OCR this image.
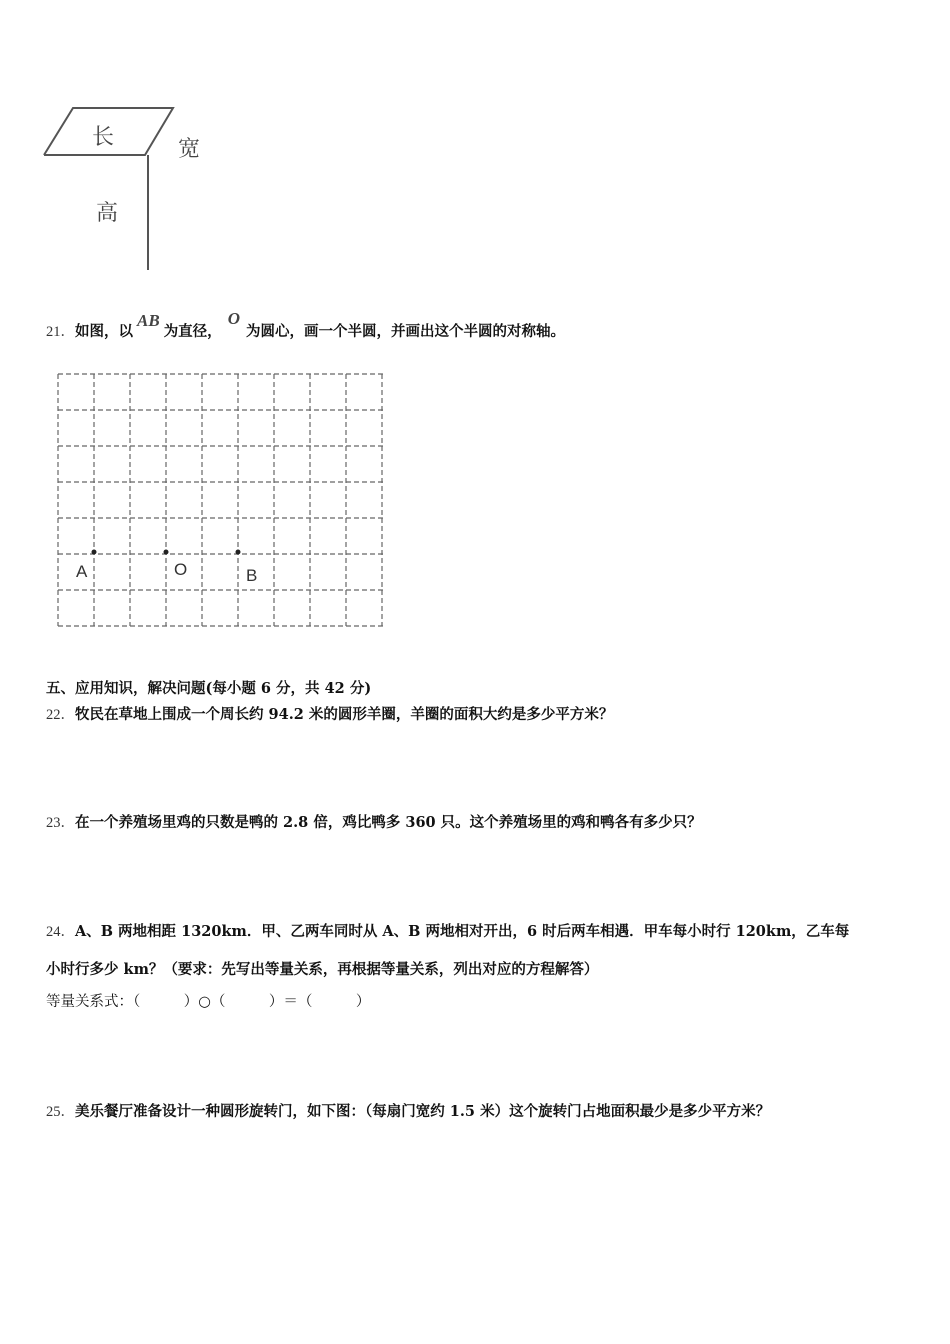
长	宽
高
21．如图，以AB为直径，O为圆心，画一个半圆，并画出这个半圆的对称轴。
A	O	B
五、应用知识，解决问题(每小题 6 分，共 42 分)
22．牧民在草地上围成一个周长约 94.2 米的圆形羊圈，羊圈的面积大约是多少平方米？
23．在一个养殖场里鸡的只数是鸭的 2.8 倍，鸡比鸭多 360 只。这个养殖场里的鸡和鸭各有多少只？
24．A、B 两地相距 1320km．甲、乙两车同时从 A、B 两地相对开出，6 时后两车相遇．甲车每小时行 120km，乙车每
小时行多少 km？（要求：先写出等量关系，再根据等量关系，列出对应的方程解答）
等量关系式：（　　　）○（　　　）＝（　　　）
25．美乐餐厅准备设计一种圆形旋转门，如下图：（每扇门宽约 1.5 米）这个旋转门占地面积最少是多少平方米？
